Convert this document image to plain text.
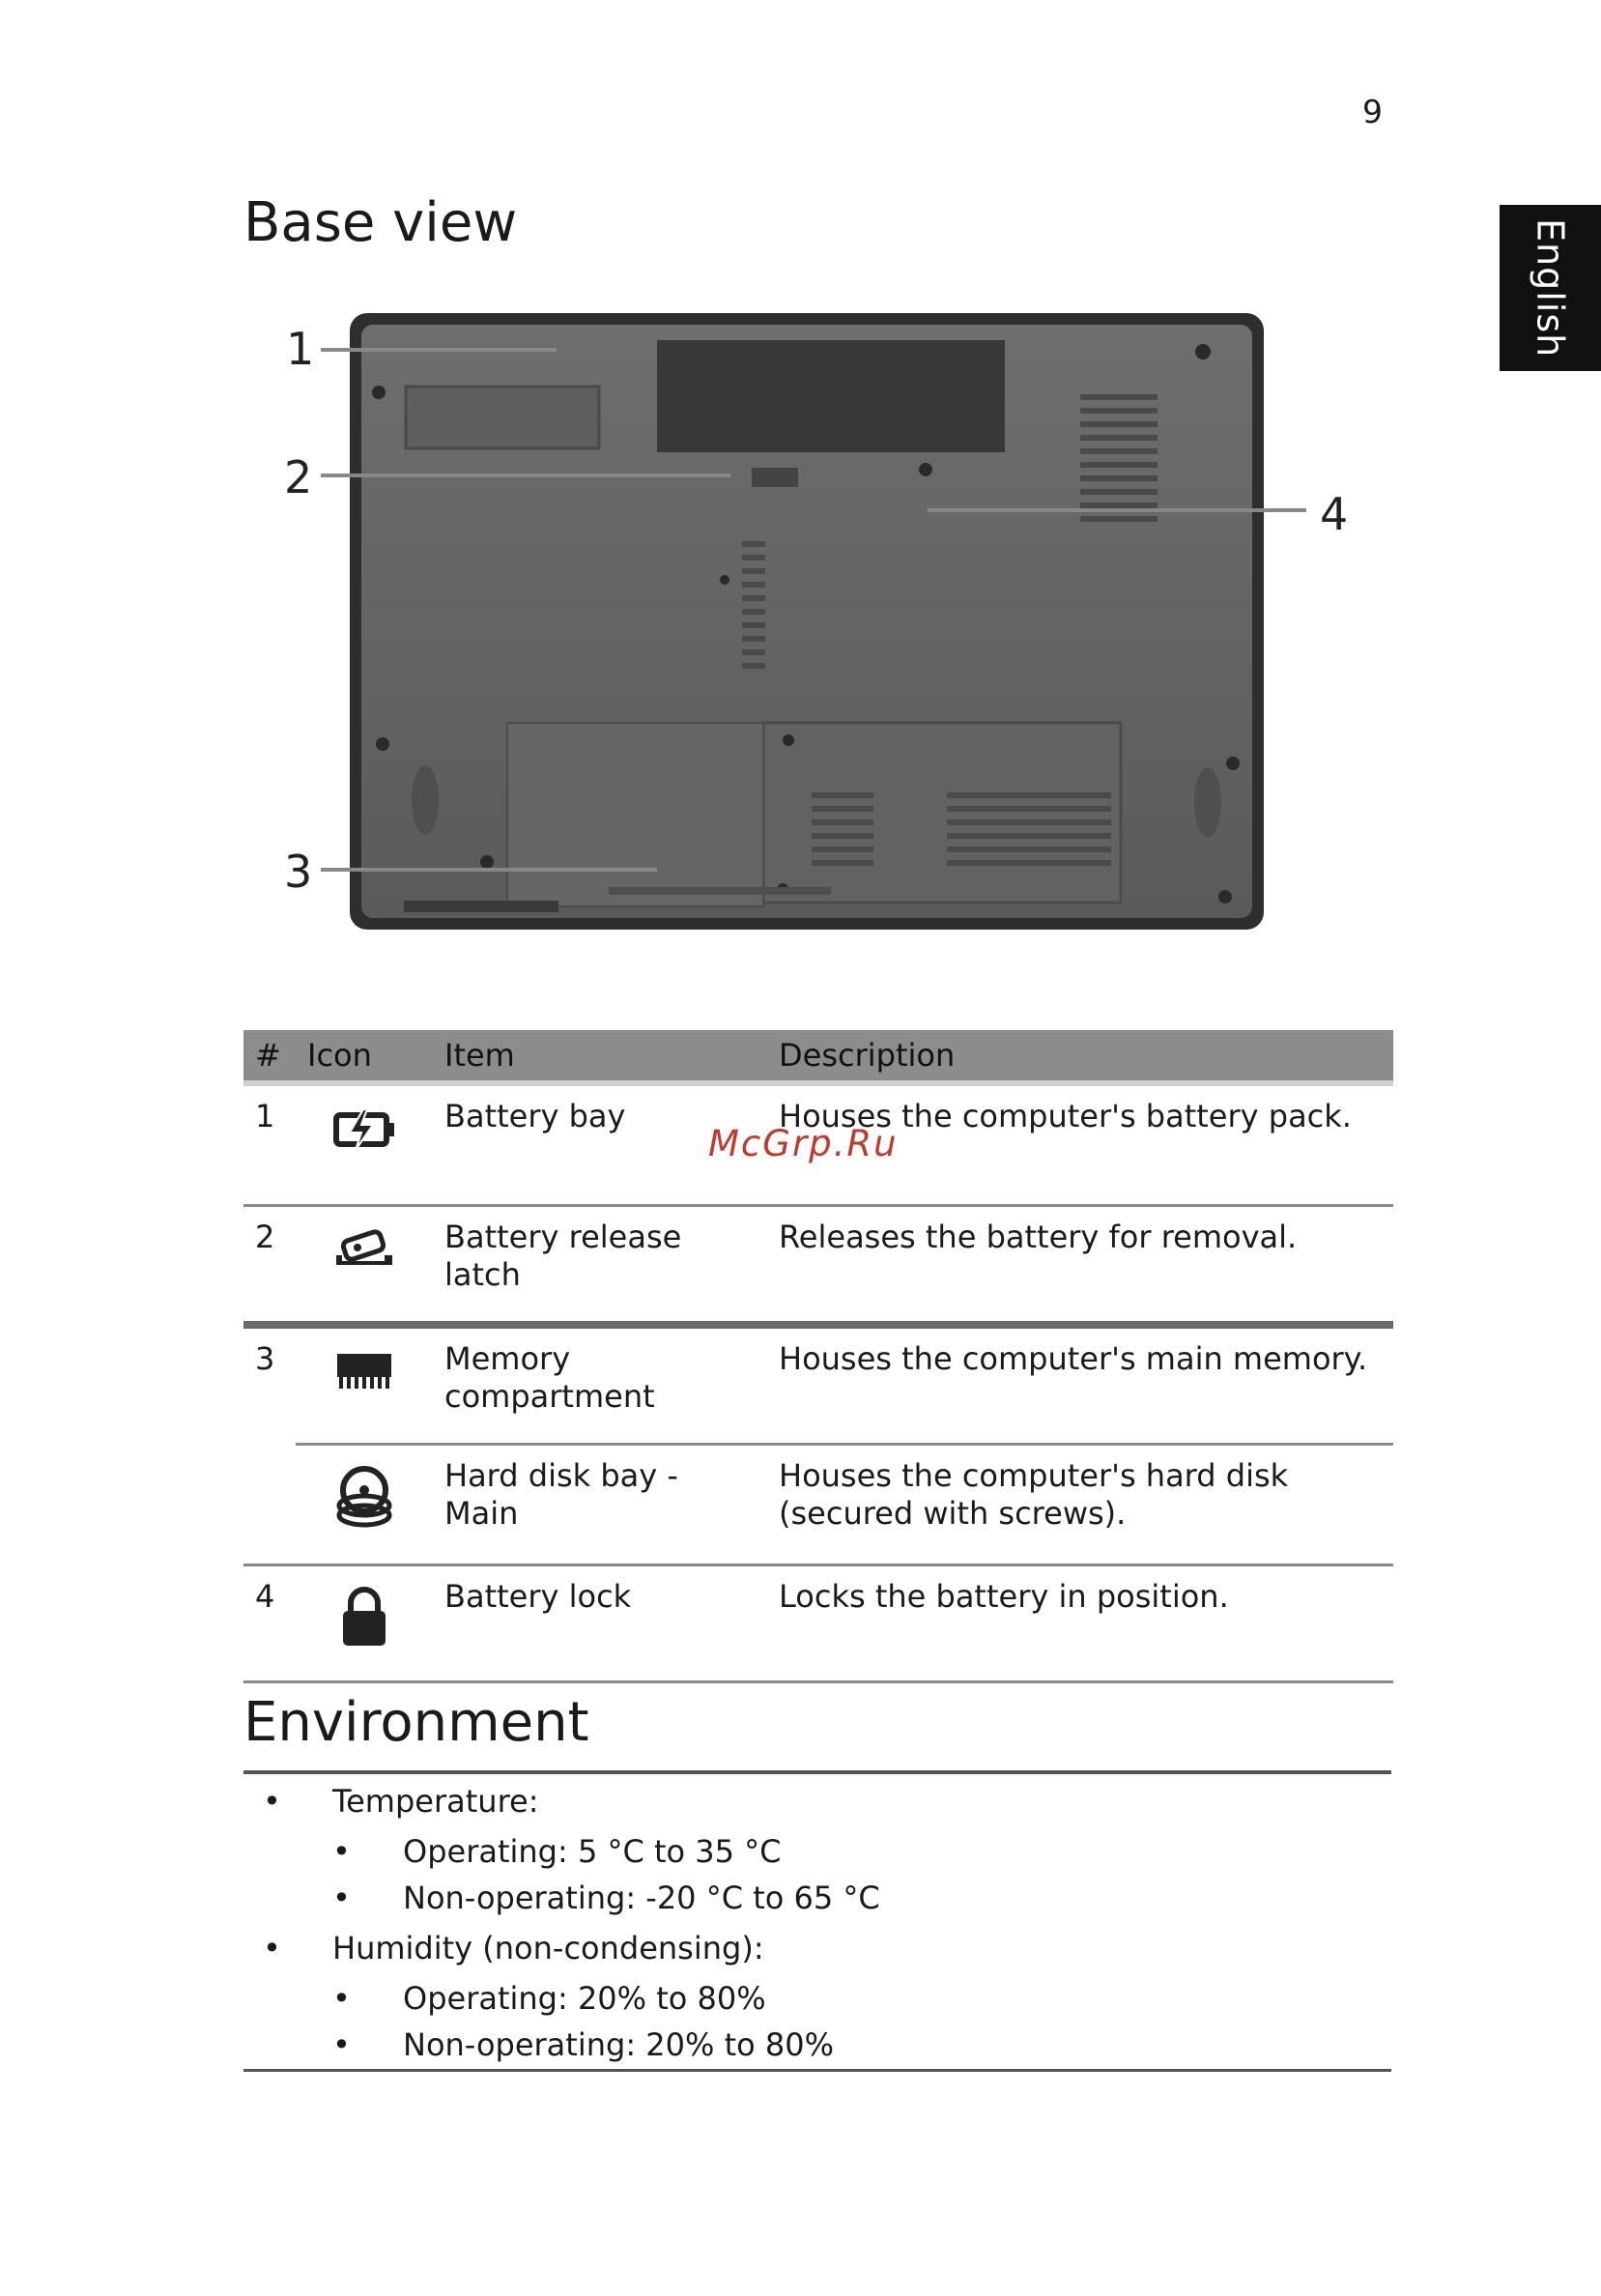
9
English
Base view
1
2
3
4
#	Icon	Item	Description
1		Battery bay	Houses the computer's battery pack.
2		Battery release latch	Releases the battery for removal.
3		Memory compartment	Houses the computer's main memory.
		Hard disk bay - Main	Houses the computer's hard disk (secured with screws).
4		Battery lock	Locks the battery in position.

McGrp.Ru

Environment
• Temperature:
• Operating: 5 °C to 35 °C
• Non-operating: -20 °C to 65 °C
• Humidity (non-condensing):
• Operating: 20% to 80%
• Non-operating: 20% to 80%
